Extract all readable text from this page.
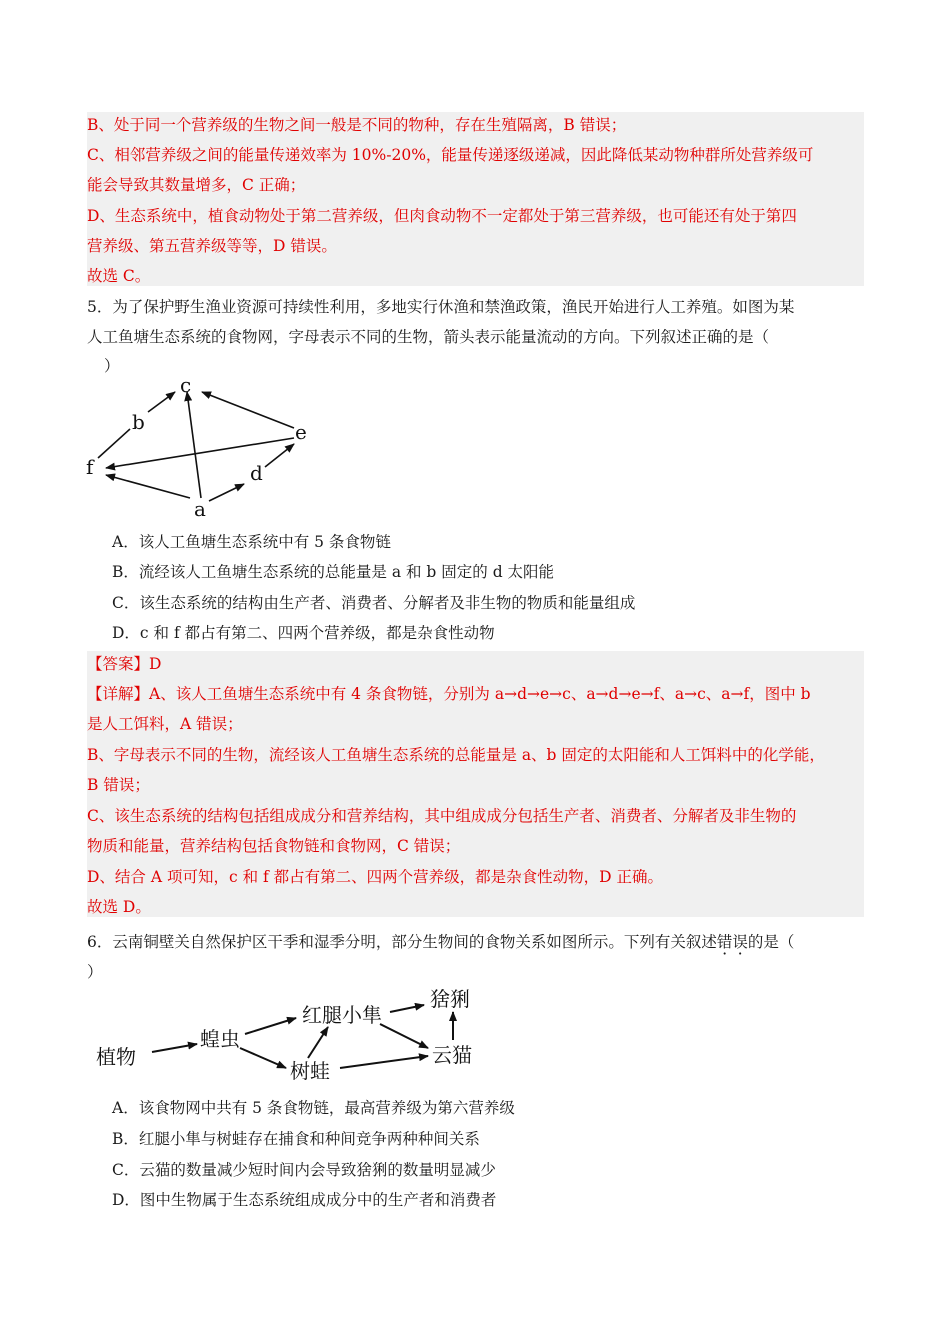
B、处于同一个营养级的生物之间一般是不同的物种，存在生殖隔离，B 错误；
C、相邻营养级之间的能量传递效率为 10%-20%，能量传递逐级递减，因此降低某动物种群所处营养级可
能会导致其数量增多，C 正确；
D、生态系统中，植食动物处于第二营养级，但肉食动物不一定都处于第三营养级，也可能还有处于第四
营养级、第五营养级等等，D 错误。
故选 C。
5．为了保护野生渔业资源可持续性利用，多地实行休渔和禁渔政策，渔民开始进行人工养殖。如图为某
人工鱼塘生态系统的食物网，字母表示不同的生物，箭头表示能量流动的方向。下列叙述正确的是（
）
c
b	e
f	d
a
A．该人工鱼塘生态系统中有 5 条食物链
B．流经该人工鱼塘生态系统的总能量是 a 和 b 固定的 d 太阳能
C．该生态系统的结构由生产者、消费者、分解者及非生物的物质和能量组成
D．c 和 f 都占有第二、四两个营养级，都是杂食性动物
【答案】D
【详解】A、该人工鱼塘生态系统中有 4 条食物链，分别为 a→d→e→c、a→d→e→f、a→c、a→f，图中 b
是人工饵料，A 错误；
B、字母表示不同的生物，流经该人工鱼塘生态系统的总能量是 a、b 固定的太阳能和人工饵料中的化学能，
B 错误；
C、该生态系统的结构包括组成成分和营养结构，其中组成成分包括生产者、消费者、分解者及非生物的
物质和能量，营养结构包括食物链和食物网，C 错误；
D、结合 A 项可知，c 和 f 都占有第二、四两个营养级，都是杂食性动物，D 正确。
故选 D。
6．云南铜壁关自然保护区干季和湿季分明，部分生物间的食物关系如图所示。下列有关叙述错误的是（
）
植物
蝗虫
红腿小隼
树蛙
云猫
猞猁
A．该食物网中共有 5 条食物链，最高营养级为第六营养级
B．红腿小隼与树蛙存在捕食和种间竞争两种种间关系
C．云猫的数量减少短时间内会导致猞猁的数量明显减少
D．图中生物属于生态系统组成成分中的生产者和消费者
